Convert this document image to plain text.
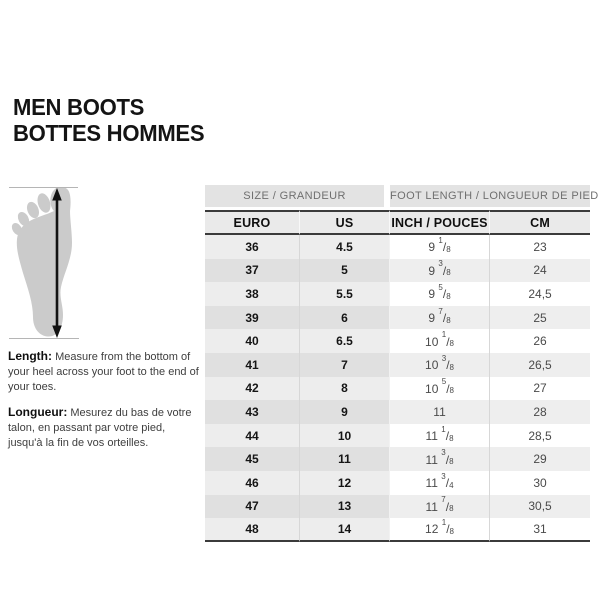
MEN BOOTS
BOTTES HOMMES

Length: Measure from the bottom of your heel across your foot to the end of your toes.

Longueur: Mesurez du bas de votre talon, en passant par votre pied, jusqu'à la fin de vos orteilles.

SIZE / GRANDEUR		FOOT LENGTH / LONGUEUR DE PIED	

EURO	US	INCH / POUCES	CM
36	4.5	9 $^1/_8$	23
37	5	9 $^3/_8$	24
38	5.5	9 $^5/_8$	24,5
39	6	9 $^7/_8$	25
40	6.5	10 $^1/_8$	26
41	7	10 $^3/_8$	26,5
42	8	10 $^5/_8$	27
43	9	11	28
44	10	11 $^1/_8$	28,5
45	11	11 $^3/_8$	29
46	12	11 $^3/_4$	30
47	13	11 $^7/_8$	30,5
48	14	12 $^1/_8$	31
